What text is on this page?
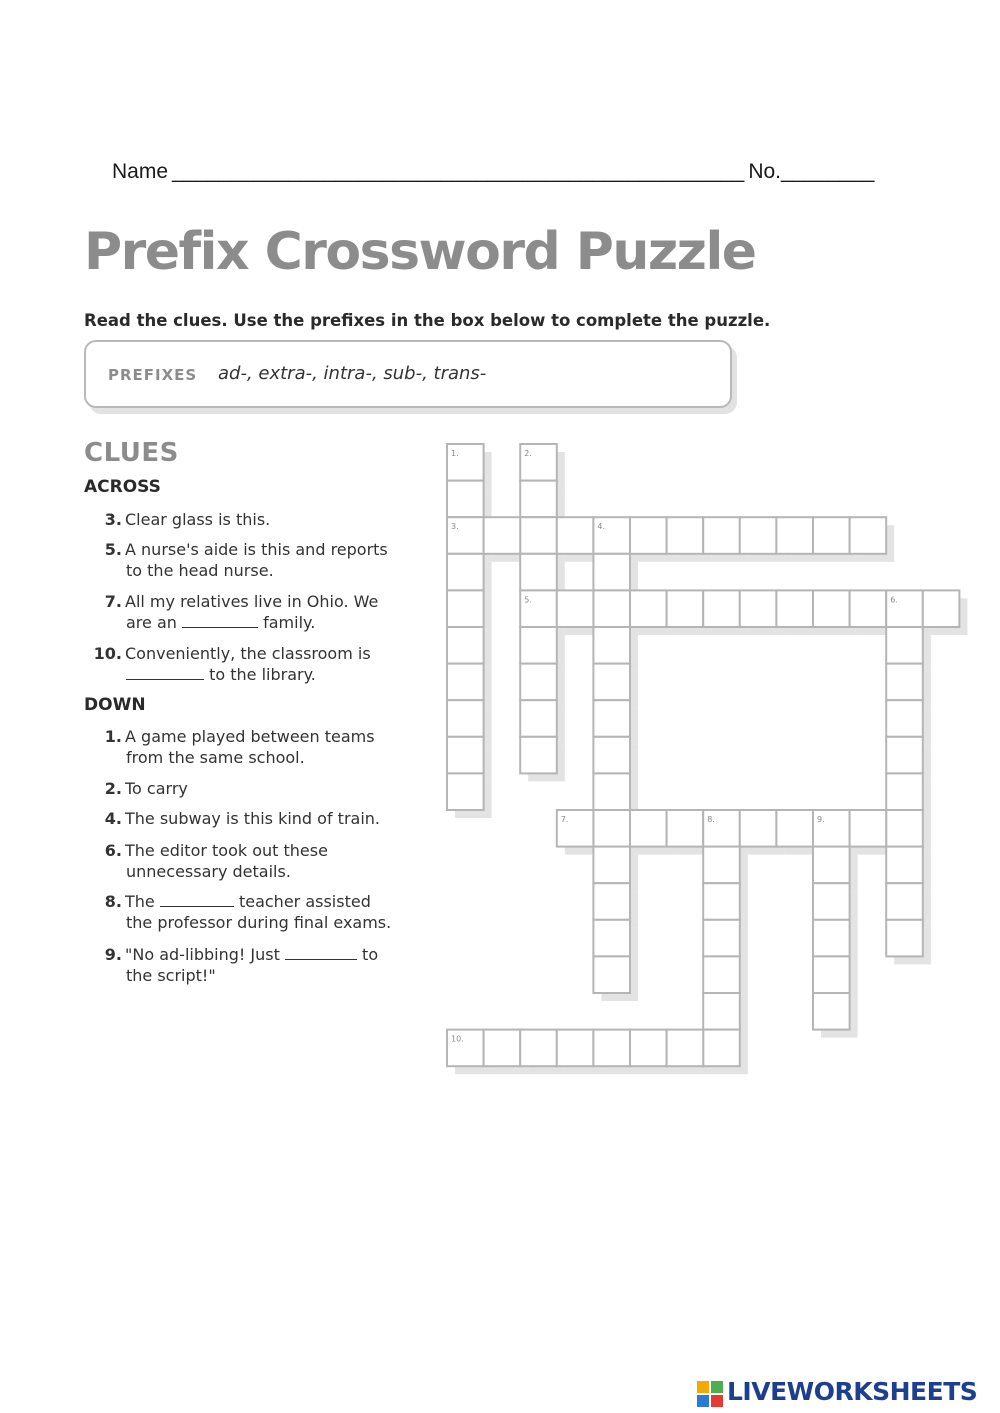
Name _________________________________________________ No.________
Prefix Crossword Puzzle

Read the clues. Use the prefixes in the box below to complete the puzzle.

PREFIXES ad-, extra-, intra-, sub-, trans-
CLUES
ACROSS
3. Clear glass is this.
5. A nurse's aide is this and reports
to the head nurse.
7. All my relatives live in Ohio. We
are an	family.
10. Conveniently, the classroom is
to the library.
DOWN
1. A game played between teams
from the same school.
2. To carry
4. The subway is this kind of train.
6. The editor took out these
unnecessary details.
8. The	teacher assisted
the professor during final exams.
9. "No ad-libbing! Just	to
the script!"
1.	2.
3.	4.
5.	6.
7.	8.	9.
10.
LIVEWORKSHEETS
